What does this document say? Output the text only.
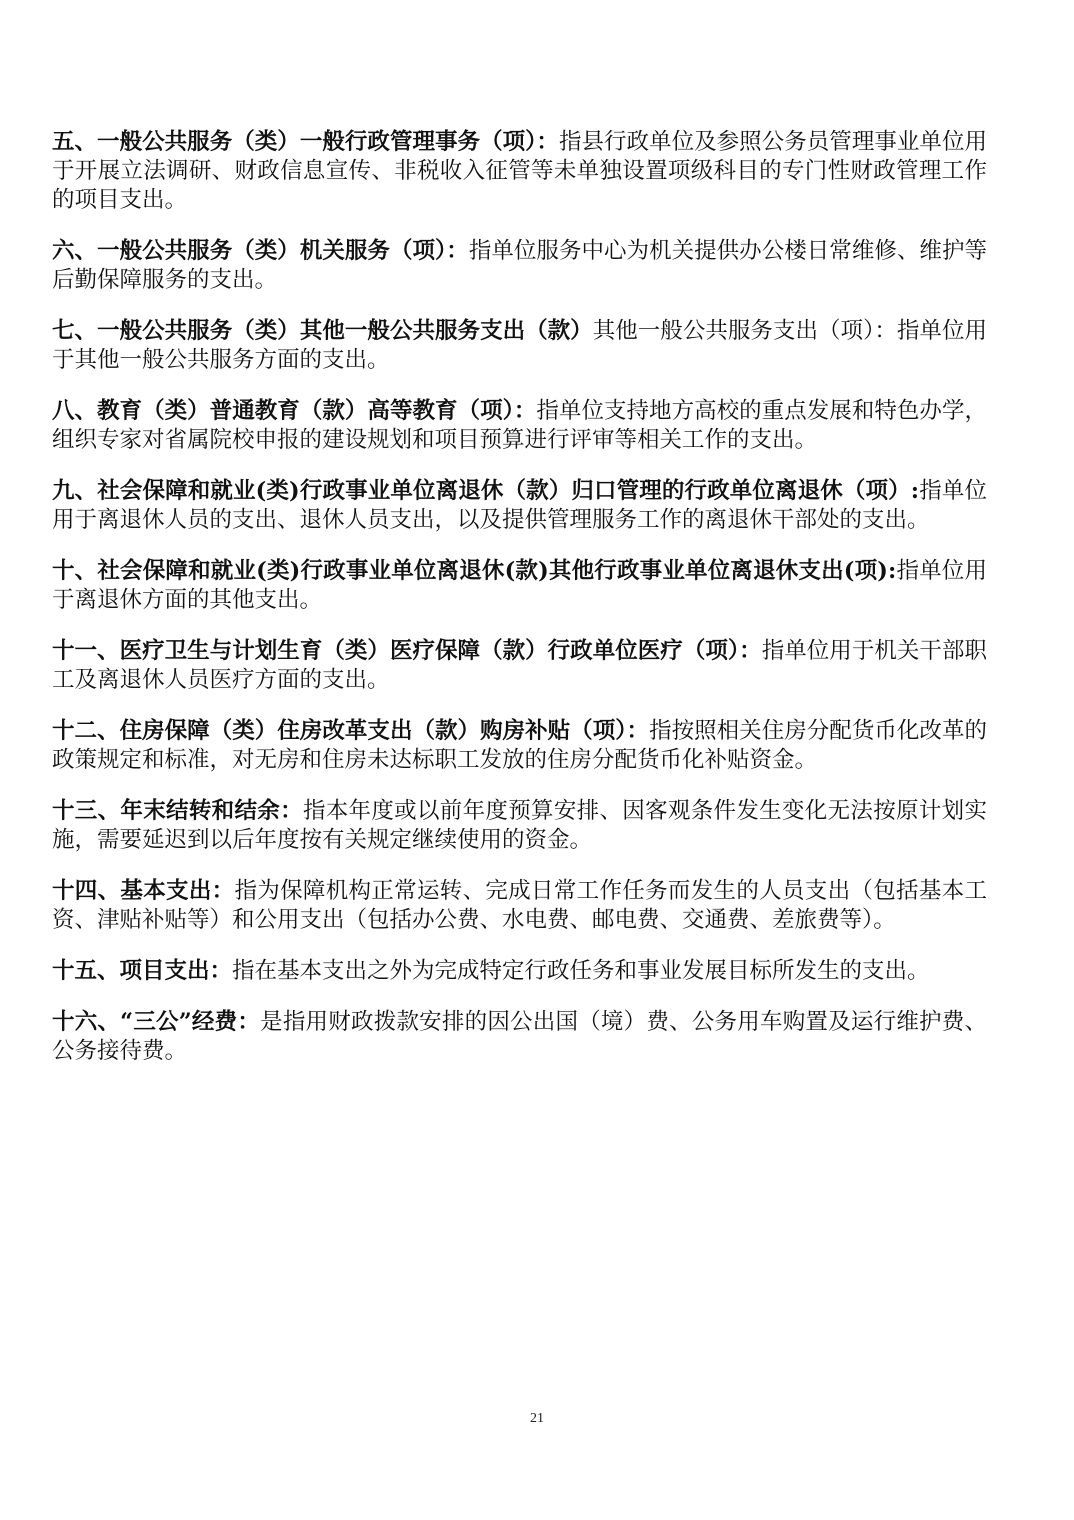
五、一般公共服务（类）一般行政管理事务（项）：指县行政单位及参照公务员管理事业单位用于开展立法调研、财政信息宣传、非税收入征管等未单独设置项级科目的专门性财政管理工作的项目支出。

六、一般公共服务（类）机关服务（项）：指单位服务中心为机关提供办公楼日常维修、维护等后勤保障服务的支出。

七、一般公共服务（类）其他一般公共服务支出（款）其他一般公共服务支出（项）：指单位用于其他一般公共服务方面的支出。

八、教育（类）普通教育（款）高等教育（项）：指单位支持地方高校的重点发展和特色办学，组织专家对省属院校申报的建设规划和项目预算进行评审等相关工作的支出。

九、社会保障和就业(类)行政事业单位离退休（款）归口管理的行政单位离退休（项）:指单位用于离退休人员的支出、退休人员支出，以及提供管理服务工作的离退休干部处的支出。

十、社会保障和就业(类)行政事业单位离退休(款)其他行政事业单位离退休支出(项):指单位用于离退休方面的其他支出。

十一、医疗卫生与计划生育（类）医疗保障（款）行政单位医疗（项）：指单位用于机关干部职工及离退休人员医疗方面的支出。

十二、住房保障（类）住房改革支出（款）购房补贴（项）：指按照相关住房分配货币化改革的政策规定和标准，对无房和住房未达标职工发放的住房分配货币化补贴资金。

十三、年末结转和结余：指本年度或以前年度预算安排、因客观条件发生变化无法按原计划实施，需要延迟到以后年度按有关规定继续使用的资金。

十四、基本支出：指为保障机构正常运转、完成日常工作任务而发生的人员支出（包括基本工资、津贴补贴等）和公用支出（包括办公费、水电费、邮电费、交通费、差旅费等）。

十五、项目支出：指在基本支出之外为完成特定行政任务和事业发展目标所发生的支出。

十六、“三公”经费：是指用财政拨款安排的因公出国（境）费、公务用车购置及运行维护费、公务接待费。

21
